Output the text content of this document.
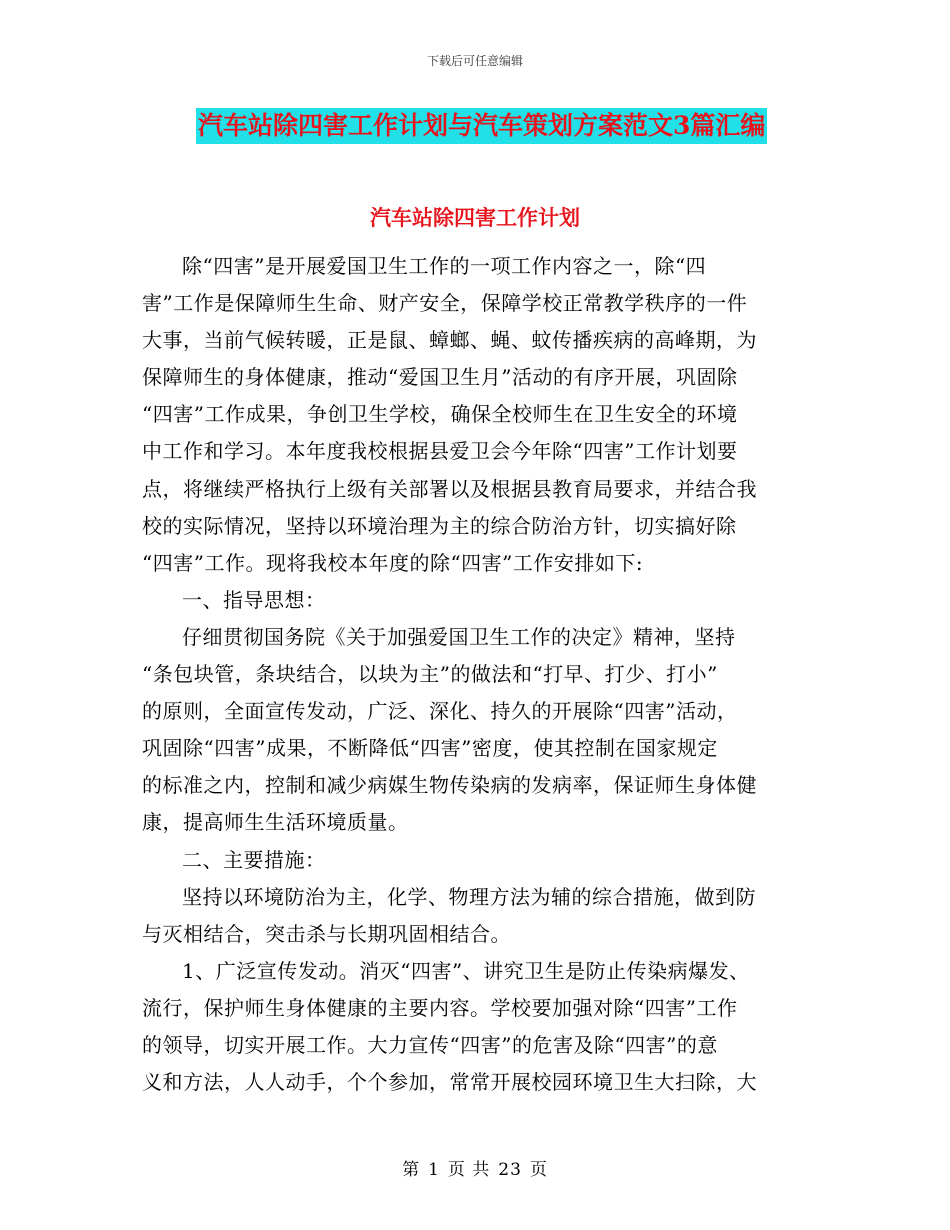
下载后可任意编辑
汽车站除四害工作计划与汽车策划方案范文3篇汇编
汽车站除四害工作计划

除“四害”是开展爱国卫生工作的一项工作内容之一，除“四
害”工作是保障师生生命、财产安全，保障学校正常教学秩序的一件
大事，当前气候转暖，正是鼠、蟑螂、蝇、蚊传播疾病的高峰期，为
保障师生的身体健康，推动“爱国卫生月”活动的有序开展，巩固除
“四害”工作成果，争创卫生学校，确保全校师生在卫生安全的环境
中工作和学习。本年度我校根据县爱卫会今年除“四害”工作计划要
点，将继续严格执行上级有关部署以及根据县教育局要求，并结合我
校的实际情况，坚持以环境治理为主的综合防治方针，切实搞好除
“四害”工作。现将我校本年度的除“四害”工作安排如下:

一、指导思想：

仔细贯彻国务院《关于加强爱国卫生工作的决定》精神，坚持
“条包块管，条块结合，以块为主”的做法和“打早、打少、打小”
的原则，全面宣传发动，广泛、深化、持久的开展除“四害”活动，
巩固除“四害”成果，不断降低“四害”密度，使其控制在国家规定
的标准之内，控制和减少病媒生物传染病的发病率，保证师生身体健
康，提高师生生活环境质量。

二、主要措施：

坚持以环境防治为主，化学、物理方法为辅的综合措施，做到防
与灭相结合，突击杀与长期巩固相结合。

1、广泛宣传发动。消灭“四害”、讲究卫生是防止传染病爆发、
流行，保护师生身体健康的主要内容。学校要加强对除“四害”工作
的领导，切实开展工作。大力宣传“四害”的危害及除“四害”的意
义和方法，人人动手，个个参加，常常开展校园环境卫生大扫除，大

第 1 页 共 23 页
